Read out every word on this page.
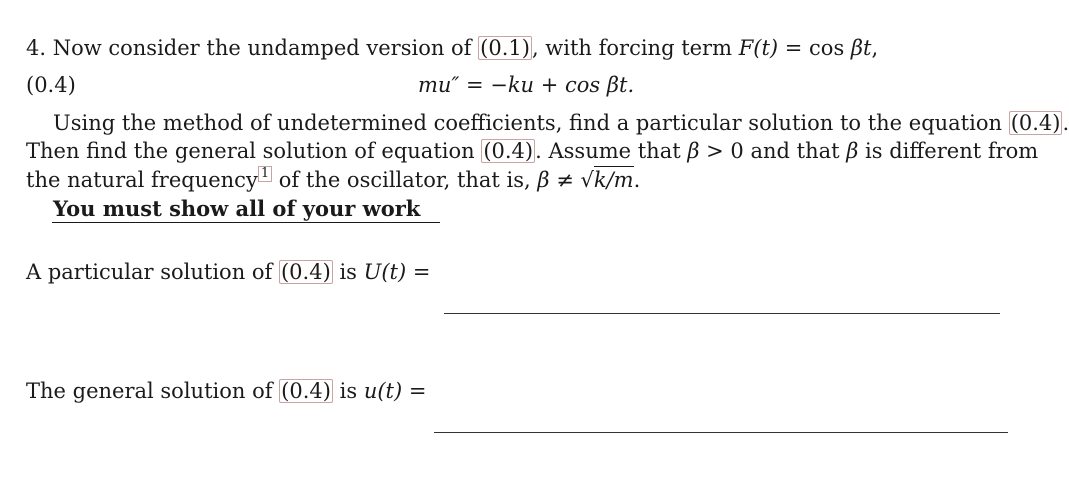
4. Now consider the undamped version of (0.1), with forcing term F(t) = cos βt,
(0.4)	mu″ = −ku + cos βt.
Using the method of undetermined coefficients, find a particular solution to the equation (0.4).
Then find the general solution of equation (0.4). Assume that β > 0 and that β is different from
the natural frequency 1 of the oscillator, that is, β ≠ √k/m.
You must show all of your work
A particular solution of (0.4) is U(t) =
The general solution of (0.4) is u(t) =
